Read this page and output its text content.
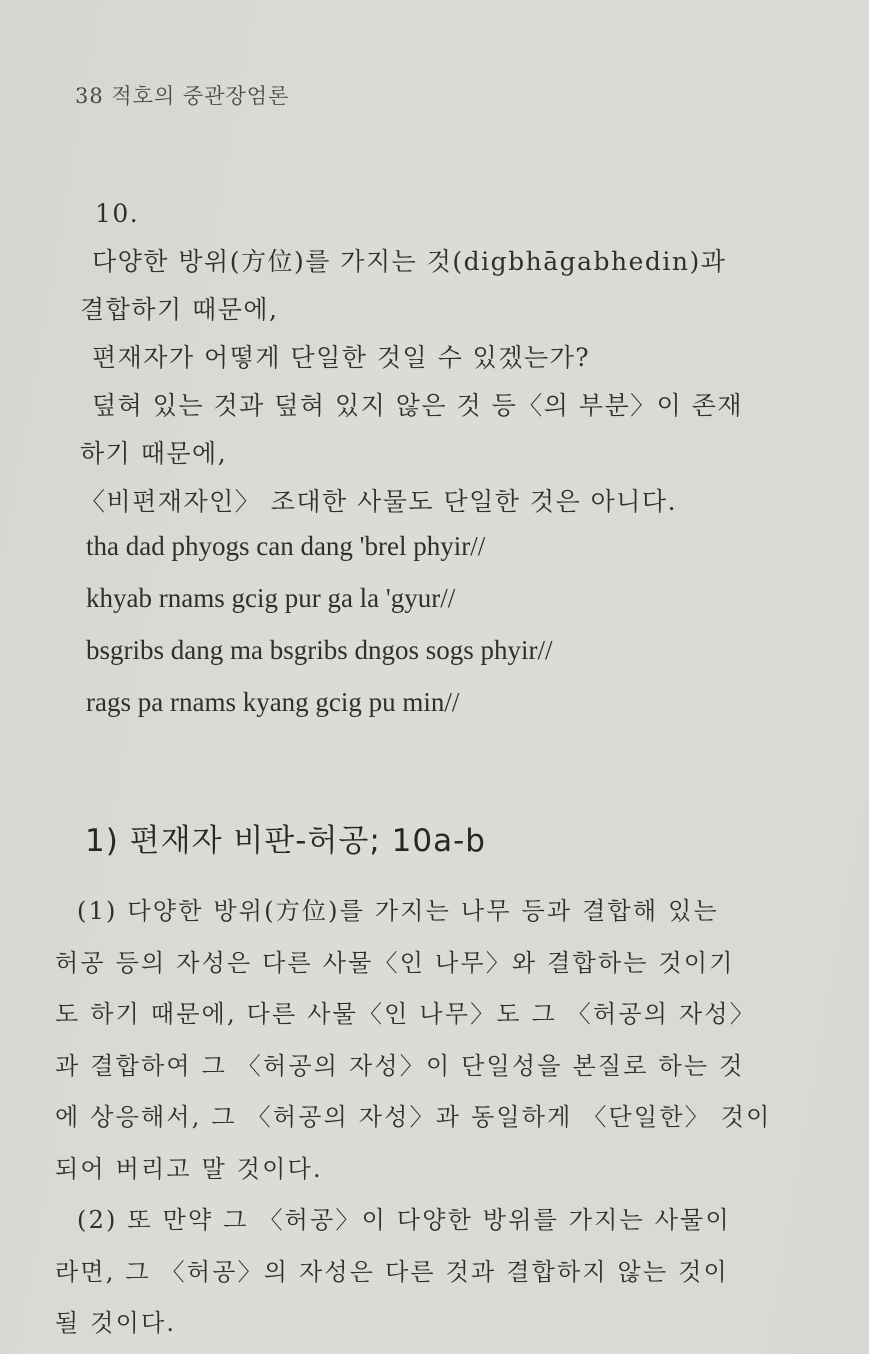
38 적호의 중관장엄론
10.
다양한 방위(方位)를 가지는 것(digbhāgabhedin)과
결합하기 때문에,
편재자가 어떻게 단일한 것일 수 있겠는가?
덮혀 있는 것과 덮혀 있지 않은 것 등〈의 부분〉이 존재
하기 때문에,
〈비편재자인〉 조대한 사물도 단일한 것은 아니다.
tha dad phyogs can dang 'brel phyir//
khyab rnams gcig pur ga la 'gyur//
bsgribs dang ma bsgribs dngos sogs phyir//
rags pa rnams kyang gcig pu min//
1) 편재자 비판-허공; 10a-b
(1) 다양한 방위(方位)를 가지는 나무 등과 결합해 있는
허공 등의 자성은 다른 사물〈인 나무〉와 결합하는 것이기
도 하기 때문에, 다른 사물〈인 나무〉도 그 〈허공의 자성〉
과 결합하여 그 〈허공의 자성〉이 단일성을 본질로 하는 것
에 상응해서, 그 〈허공의 자성〉과 동일하게 〈단일한〉 것이
되어 버리고 말 것이다.
(2) 또 만약 그 〈허공〉이 다양한 방위를 가지는 사물이
라면, 그 〈허공〉의 자성은 다른 것과 결합하지 않는 것이
될 것이다.
